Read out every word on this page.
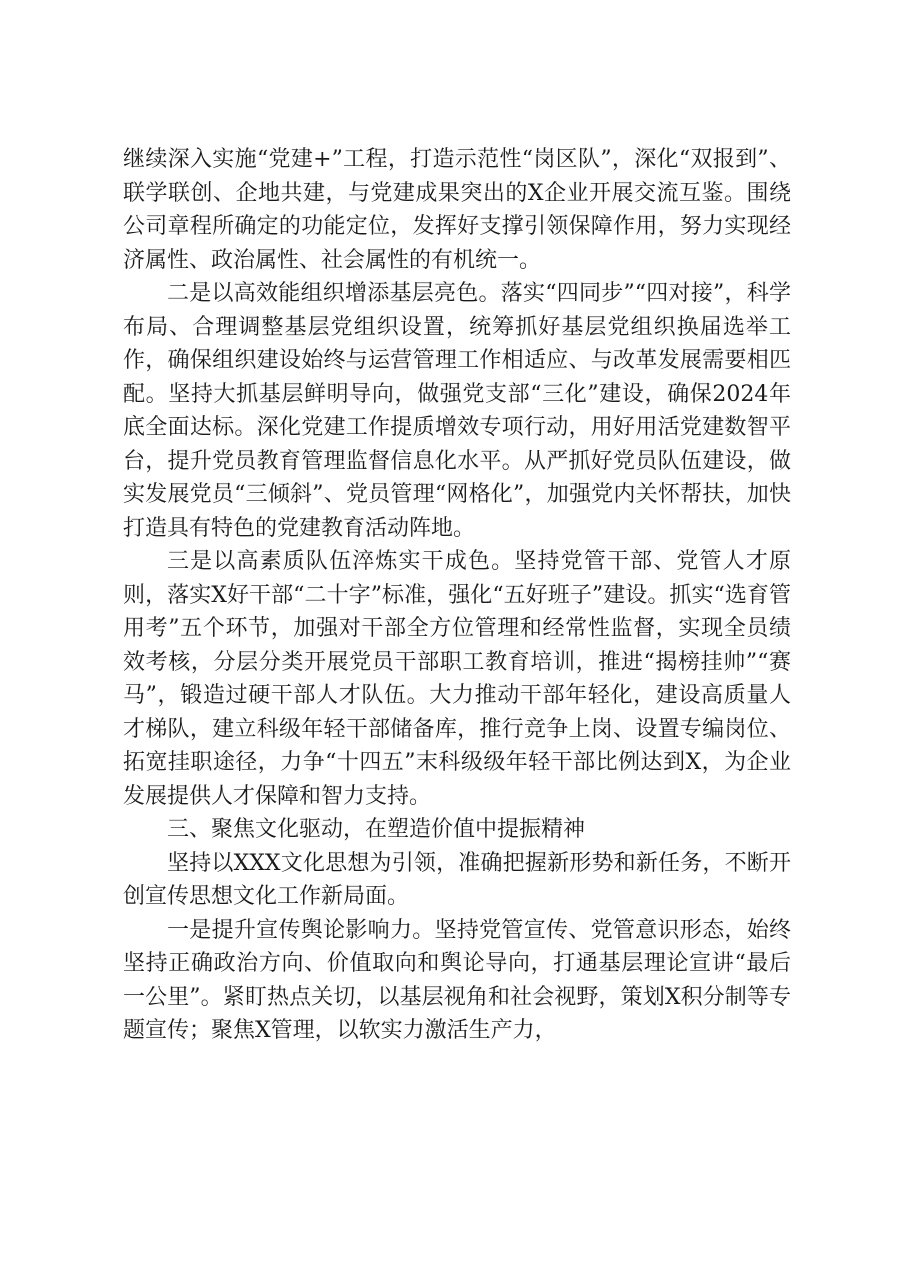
继续深入实施“党建+”工程，打造示范性“岗区队”，深化“双报到”、联学联创、企地共建，与党建成果突出的X企业开展交流互鉴。围绕公司章程所确定的功能定位，发挥好支撑引领保障作用，努力实现经济属性、政治属性、社会属性的有机统一。

二是以高效能组织增添基层亮色。落实“四同步”“四对接”，科学布局、合理调整基层党组织设置，统筹抓好基层党组织换届选举工作，确保组织建设始终与运营管理工作相适应、与改革发展需要相匹配。坚持大抓基层鲜明导向，做强党支部“三化”建设，确保2024年底全面达标。深化党建工作提质增效专项行动，用好用活党建数智平台，提升党员教育管理监督信息化水平。从严抓好党员队伍建设，做实发展党员“三倾斜”、党员管理“网格化”，加强党内关怀帮扶，加快打造具有特色的党建教育活动阵地。

三是以高素质队伍淬炼实干成色。坚持党管干部、党管人才原则，落实X好干部“二十字”标准，强化“五好班子”建设。抓实“选育管用考”五个环节，加强对干部全方位管理和经常性监督，实现全员绩效考核，分层分类开展党员干部职工教育培训，推进“揭榜挂帅”“赛马”，锻造过硬干部人才队伍。大力推动干部年轻化，建设高质量人才梯队，建立科级年轻干部储备库，推行竞争上岗、设置专编岗位、拓宽挂职途径，力争“十四五”末科级级年轻干部比例达到X，为企业发展提供人才保障和智力支持。

三、聚焦文化驱动，在塑造价值中提振精神

坚持以XXX文化思想为引领，准确把握新形势和新任务，不断开创宣传思想文化工作新局面。

一是提升宣传舆论影响力。坚持党管宣传、党管意识形态，始终坚持正确政治方向、价值取向和舆论导向，打通基层理论宣讲“最后一公里”。紧盯热点关切，以基层视角和社会视野，策划X积分制等专题宣传；聚焦X管理，以软实力激活生产力，
